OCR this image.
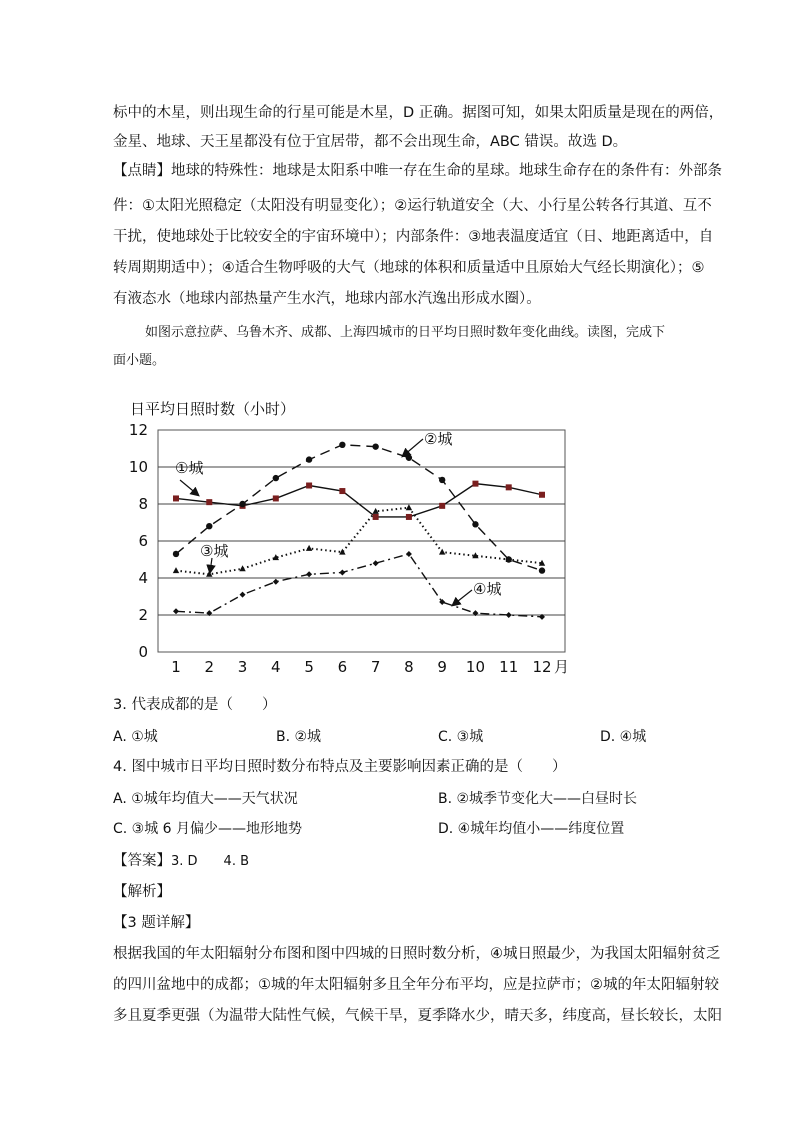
标中的木星，则出现生命的行星可能是木星，D 正确。据图可知，如果太阳质量是现在的两倍，
金星、地球、天王星都没有位于宜居带，都不会出现生命，ABC 错误。故选 D。
【点睛】地球的特殊性：地球是太阳系中唯一存在生命的星球。地球生命存在的条件有：外部条
件：①太阳光照稳定（太阳没有明显变化）；②运行轨道安全（大、小行星公转各行其道、互不
干扰，使地球处于比较安全的宇宙环境中）；内部条件：③地表温度适宜（日、地距离适中，自
转周期期适中）；④适合生物呼吸的大气（地球的体积和质量适中且原始大气经长期演化）；⑤
有液态水（地球内部热量产生水汽，地球内部水汽逸出形成水圈）。
如图示意拉萨、乌鲁木齐、成都、上海四城市的日平均日照时数年变化曲线。读图，完成下
面小题。
日平均日照时数（小时）
0
2
4
6
8
10
12
1 2 3 4 5 6 7 8 9 10 11 12 月
①城
②城
③城
④城
3. 代表成都的是（　　）
A. ①城	B. ②城	C. ③城	D. ④城
4. 图中城市日平均日照时数分布特点及主要影响因素正确的是（　　）
A. ①城年均值大——天气状况	B. ②城季节变化大——白昼时长
C. ③城 6 月偏少——地形地势	D. ④城年均值小——纬度位置
【答案】3. D　　4. B
【解析】
【3 题详解】
根据我国的年太阳辐射分布图和图中四城的日照时数分析，④城日照最少，为我国太阳辐射贫乏
的四川盆地中的成都；①城的年太阳辐射多且全年分布平均，应是拉萨市；②城的年太阳辐射较
多且夏季更强（为温带大陆性气候，气候干旱，夏季降水少，晴天多，纬度高，昼长较长，太阳
